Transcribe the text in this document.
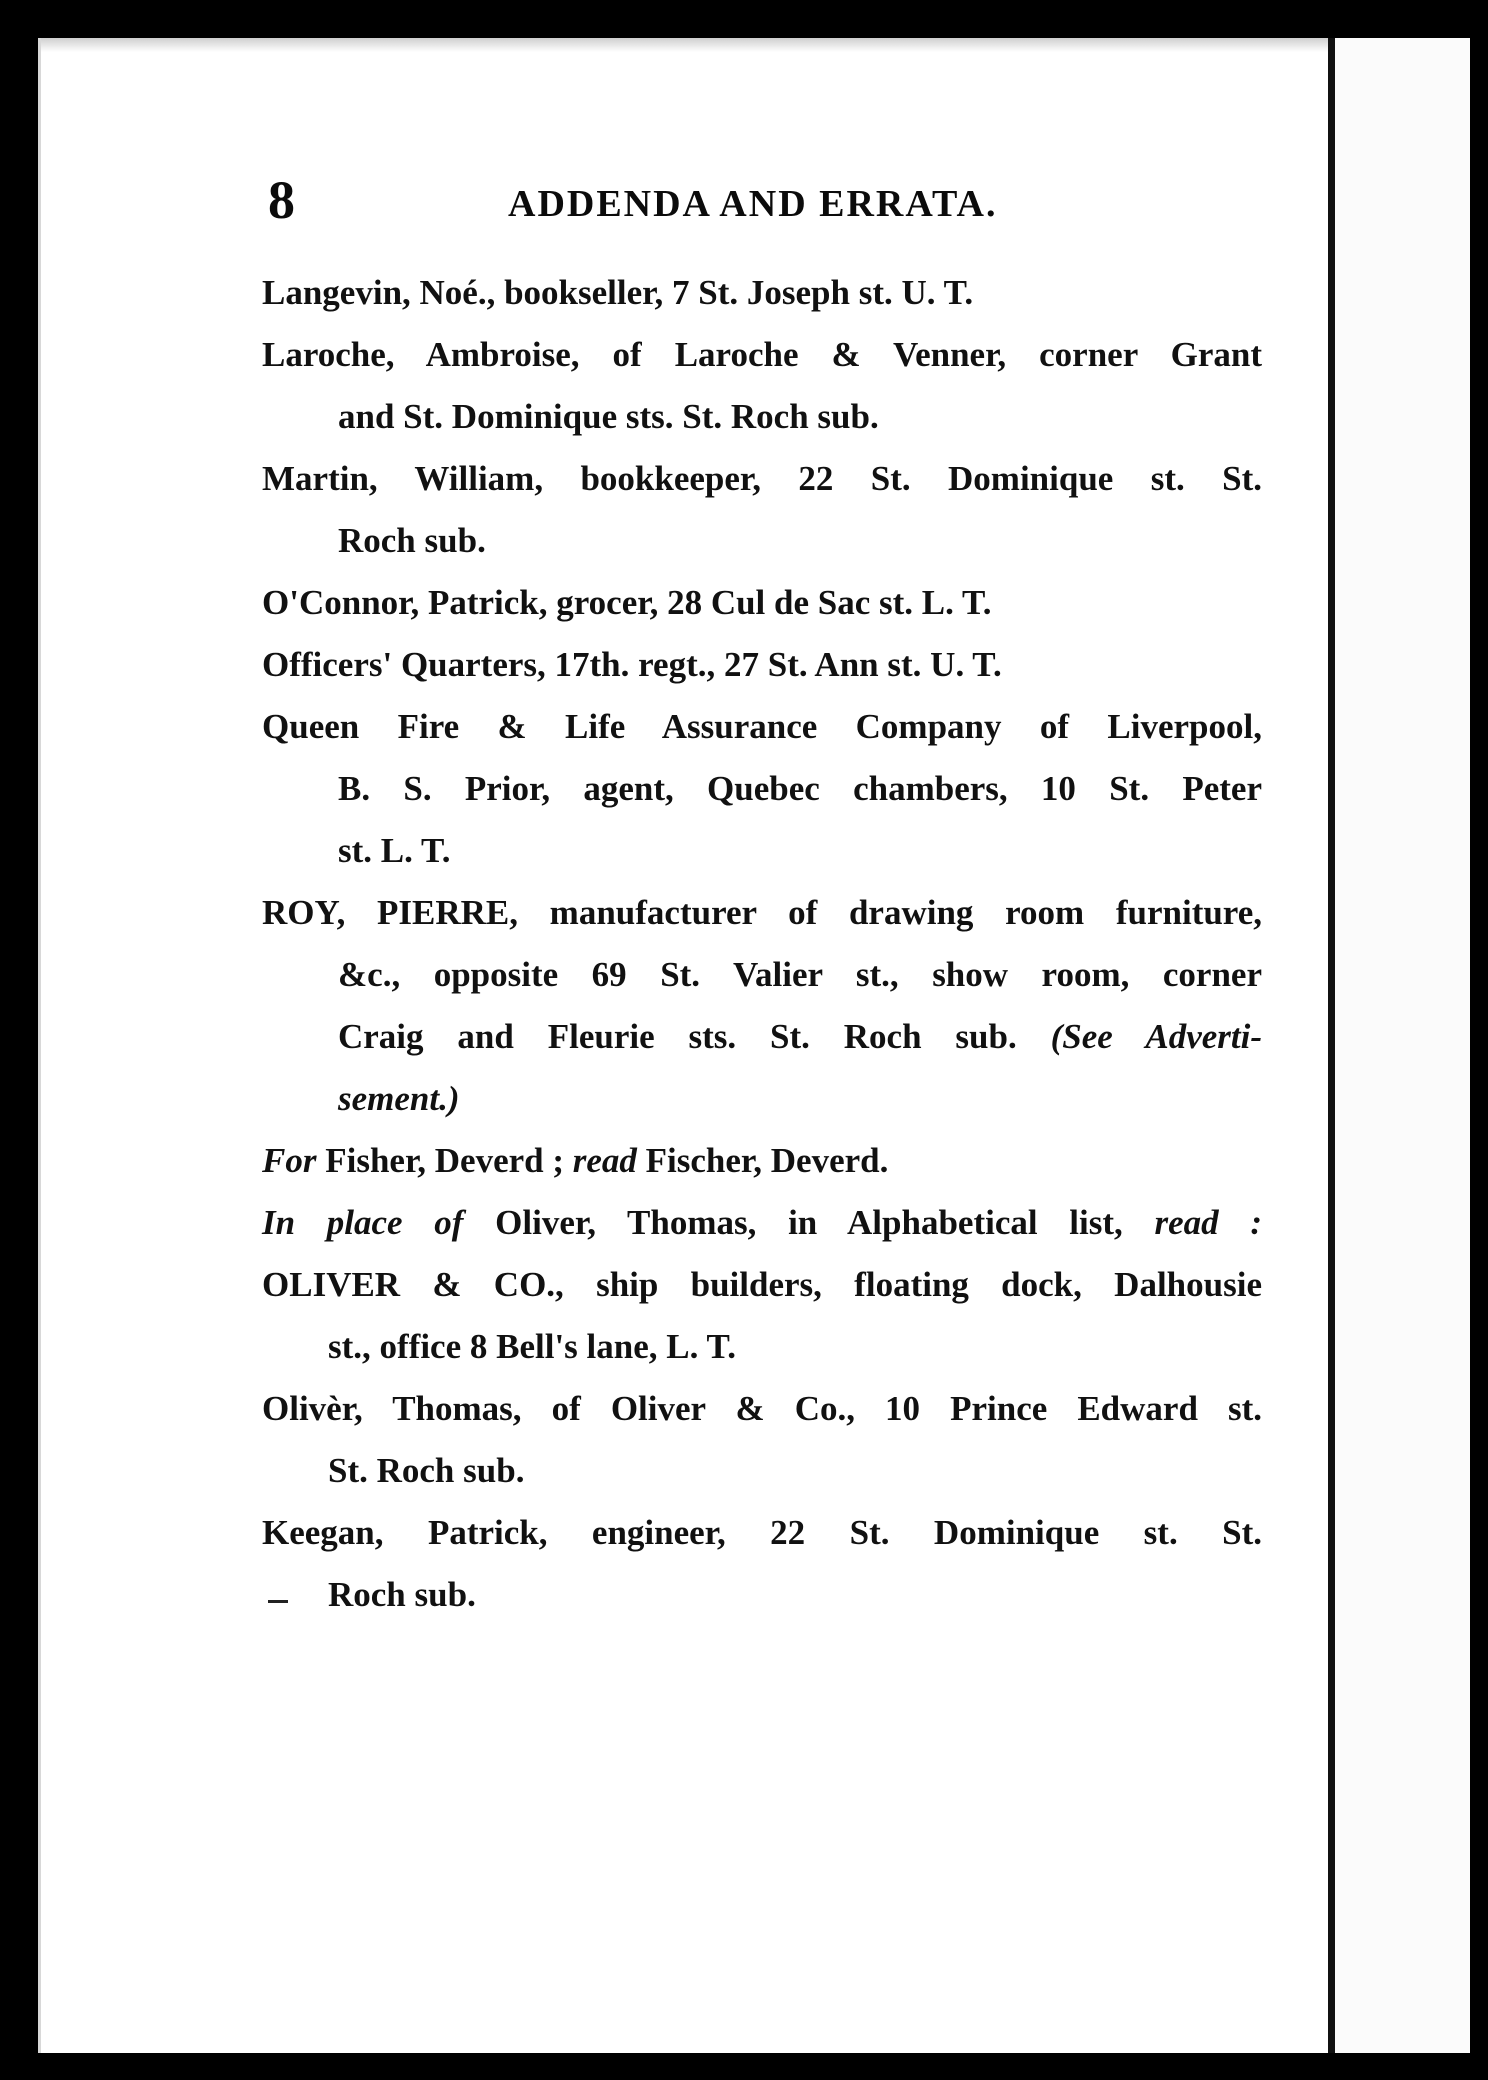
8	ADDENDA AND ERRATA.
Langevin, Noé., bookseller, 7 St. Joseph st. U. T.
Laroche, Ambroise, of Laroche & Venner, corner Grant
and St. Dominique sts. St. Roch sub.
Martin, William, bookkeeper, 22 St. Dominique st. St.
Roch sub.
O'Connor, Patrick, grocer, 28 Cul de Sac st. L. T.
Officers' Quarters, 17th. regt., 27 St. Ann st. U. T.
Queen Fire & Life Assurance Company of Liverpool,
B. S. Prior, agent, Quebec chambers, 10 St. Peter
st. L. T.
ROY, PIERRE, manufacturer of drawing room furniture,
&c., opposite 69 St. Valier st., show room, corner
Craig and Fleurie sts. St. Roch sub. (See Adverti-
sement.)
For Fisher, Deverd ; read Fischer, Deverd.
In place of Oliver, Thomas, in Alphabetical list, read :
OLIVER & CO., ship builders, floating dock, Dalhousie
st., office 8 Bell's lane, L. T.
Olivèr, Thomas, of Oliver & Co., 10 Prince Edward st.
St. Roch sub.
Keegan, Patrick, engineer, 22 St. Dominique st. St.
Roch sub.
